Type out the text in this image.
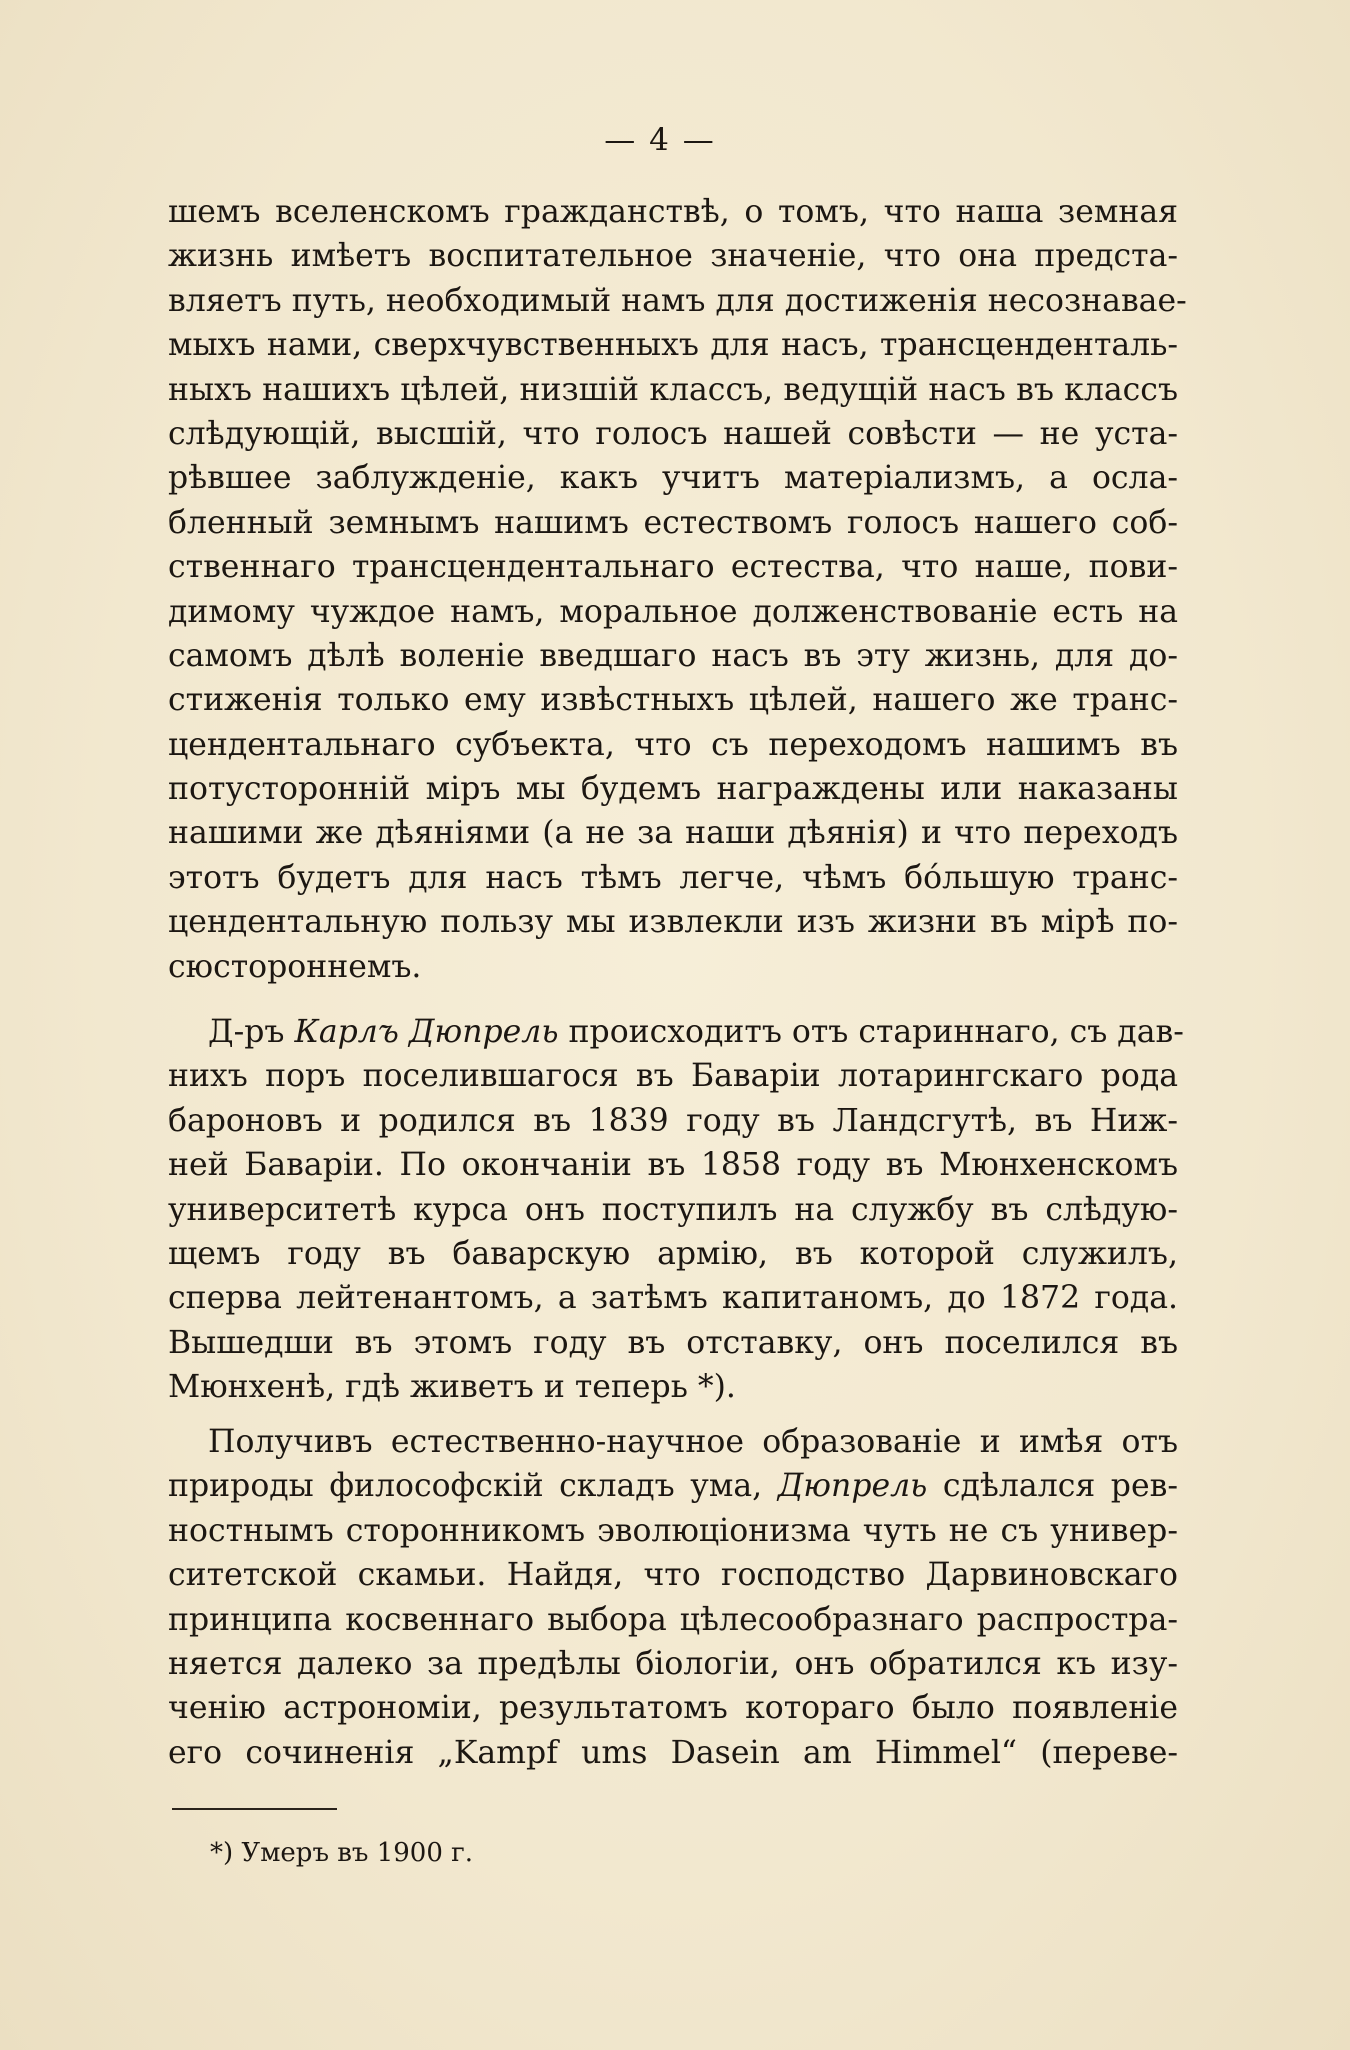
— 4 —
шемъ вселенскомъ гражданствѣ, о томъ, что наша земная
жизнь имѣетъ воспитательное значеніе, что она предста-
вляетъ путь, необходимый намъ для достиженія несознавае-
мыхъ нами, сверхчувственныхъ для насъ, трансценденталь-
ныхъ нашихъ цѣлей, низшій классъ, ведущій насъ въ классъ
слѣдующій, высшій, что голосъ нашей совѣсти — не уста-
рѣвшее заблужденіе, какъ учитъ матеріализмъ, а осла-
бленный земнымъ нашимъ естествомъ голосъ нашего соб-
ственнаго трансцендентальнаго естества, что наше, пови-
димому чуждое намъ, моральное долженствованіе есть на
самомъ дѣлѣ воленіе введшаго насъ въ эту жизнь, для до-
стиженія только ему извѣстныхъ цѣлей, нашего же транс-
цендентальнаго субъекта, что съ переходомъ нашимъ въ
потусторонній міръ мы будемъ награждены или наказаны
нашими же дѣяніями (а не за наши дѣянія) и что переходъ
этотъ будетъ для насъ тѣмъ легче, чѣмъ бо́льшую транс-
цендентальную пользу мы извлекли изъ жизни въ мірѣ по-
сюстороннемъ.
Д-ръ Карлъ Дюпрель происходитъ отъ стариннаго, съ дав-
нихъ поръ поселившагося въ Баваріи лотарингскаго рода
бароновъ и родился въ 1839 году въ Ландсгутѣ, въ Ниж-
ней Баваріи. По окончаніи въ 1858 году въ Мюнхенскомъ
университетѣ курса онъ поступилъ на службу въ слѣдую-
щемъ году въ баварскую армію, въ которой служилъ,
сперва лейтенантомъ, а затѣмъ капитаномъ, до 1872 года.
Вышедши въ этомъ году въ отставку, онъ поселился въ
Мюнхенѣ, гдѣ живетъ и теперь *).
Получивъ естественно-научное образованіе и имѣя отъ
природы философскій складъ ума, Дюпрель сдѣлался рев-
ностнымъ сторонникомъ эволюціонизма чуть не съ универ-
ситетской скамьи. Найдя, что господство Дарвиновскаго
принципа косвеннаго выбора цѣлесообразнаго распростра-
няется далеко за предѣлы біологіи, онъ обратился къ изу-
ченію астрономіи, результатомъ котораго было появленіе
его сочиненія „Kampf ums Dasein am Himmel“ (переве-
*) Умеръ въ 1900 г.
